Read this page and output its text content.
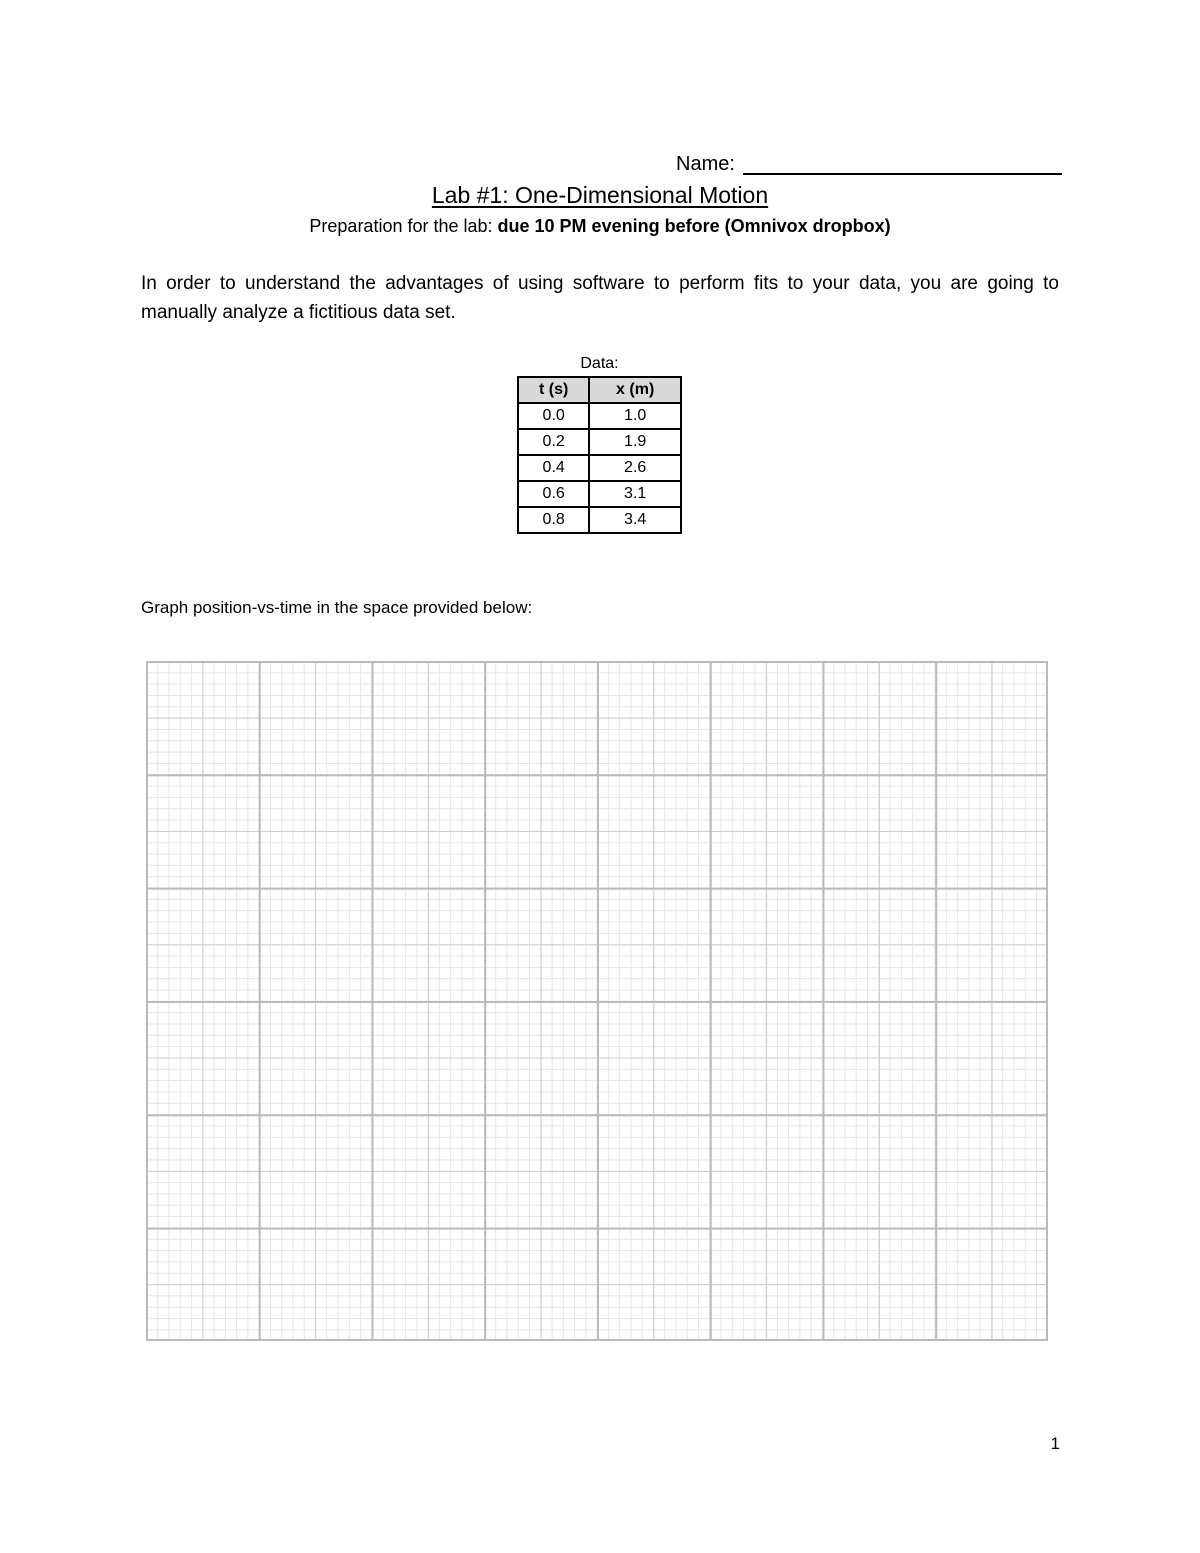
Name:
Lab #1: One-Dimensional Motion
Preparation for the lab: due 10 PM evening before (Omnivox dropbox)
In order to understand the advantages of using software to perform fits to your data, you are going to manually analyze a fictitious data set.
Data:
t (s)	x (m)
0.0	1.0
0.2	1.9
0.4	2.6
0.6	3.1
0.8	3.4
Graph position-vs-time in the space provided below:
1
